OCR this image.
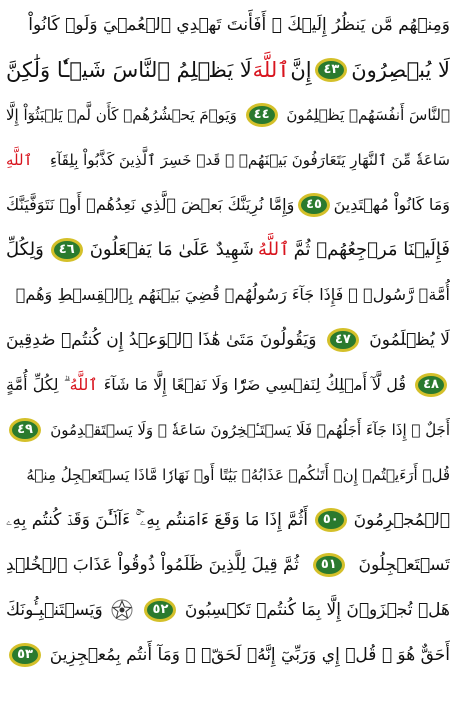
وَمِنۡهُم مَّن يَنظُرُ إِلَيۡكَ ۚ أَفَأَنتَ تَهۡدِي ٱلۡعُمۡيَ وَلَوۡ كَانُواْ
لَا يُبۡصِرُونَ
٤٣
إِنَّ
ٱللَّهَ
لَا يَظۡلِمُ ٱلنَّاسَ شَيۡـٔٗا وَلَٰكِنَّ
ٱلنَّاسَ أَنفُسَهُمۡ يَظۡلِمُونَ
٤٤
وَيَوۡمَ يَحۡشُرُهُمۡ كَأَن لَّمۡ يَلۡبَثُوٓاْ إِلَّا
سَاعَةٗ مِّنَ ٱلنَّهَارِ يَتَعَارَفُونَ بَيۡنَهُمۡ ۚ قَدۡ خَسِرَ ٱلَّذِينَ كَذَّبُواْ بِلِقَآءِ
ٱللَّهِ
وَمَا كَانُواْ مُهۡتَدِينَ
٤٥
وَإِمَّا نُرِيَنَّكَ بَعۡضَ ٱلَّذِي نَعِدُهُمۡ أَوۡ نَتَوَفَّيَنَّكَ
فَإِلَيۡنَا مَرۡجِعُهُمۡ ثُمَّ
ٱللَّهُ
شَهِيدٌ عَلَىٰ مَا يَفۡعَلُونَ
٤٦
وَلِكُلِّ
أُمَّةٖ رَّسُولٞ ۖ فَإِذَا جَآءَ رَسُولُهُمۡ قُضِيَ بَيۡنَهُم بِٱلۡقِسۡطِ وَهُمۡ
لَا يُظۡلَمُونَ
٤٧
وَيَقُولُونَ مَتَىٰ هَٰذَا ٱلۡوَعۡدُ إِن كُنتُمۡ صَٰدِقِينَ
٤٨
قُل لَّآ أَمۡلِكُ لِنَفۡسِي ضَرّٗا وَلَا نَفۡعًا إِلَّا مَا شَآءَ
ٱللَّهُ
ۗ لِكُلِّ أُمَّةٍ
أَجَلٌ ۚ إِذَا جَآءَ أَجَلُهُمۡ فَلَا يَسۡتَـٔۡخِرُونَ سَاعَةٗ ۖ وَلَا يَسۡتَقۡدِمُونَ
٤٩
قُلۡ أَرَءَيۡتُمۡ إِنۡ أَتَىٰكُمۡ عَذَابُهُۥ بَيَٰتًا أَوۡ نَهَارٗا مَّاذَا يَسۡتَعۡجِلُ مِنۡهُ
ٱلۡمُجۡرِمُونَ
٥٠
أَثُمَّ إِذَا مَا وَقَعَ ءَامَنتُم بِهِۦٓ ۚ ءَآلۡـَٰٔنَ وَقَدۡ كُنتُم بِهِۦ
تَسۡتَعۡجِلُونَ
٥١
ثُمَّ قِيلَ لِلَّذِينَ ظَلَمُواْ ذُوقُواْ عَذَابَ ٱلۡخُلۡدِ
هَلۡ تُجۡزَوۡنَ إِلَّا بِمَا كُنتُمۡ تَكۡسِبُونَ
٥٢
وَيَسۡتَنۢبِـُٔونَكَ
أَحَقٌّ هُوَ ۖ قُلۡ إِي وَرَبِّيٓ إِنَّهُۥ لَحَقّٞ ۖ وَمَآ أَنتُم بِمُعۡجِزِينَ
٥٣
